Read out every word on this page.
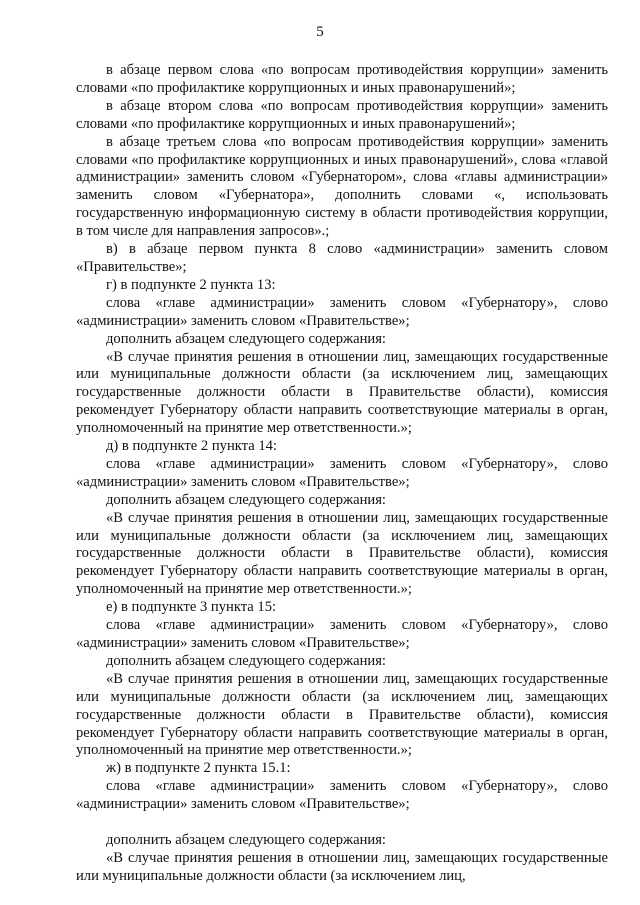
5

в абзаце первом слова «по вопросам противодействия коррупции» заменить словами «по профилактике коррупционных и иных правонарушений»;

в абзаце втором слова «по вопросам противодействия коррупции» заменить словами «по профилактике коррупционных и иных правонарушений»;

в абзаце третьем слова «по вопросам противодействия коррупции» заменить словами «по профилактике коррупционных и иных правонарушений», слова «главой администрации» заменить словом «Губернатором», слова «главы администрации» заменить словом «Губернатора», дополнить словами «, использовать государственную информационную систему в области противодействия коррупции, в том числе для направления запросов».;

в) в абзаце первом пункта 8 слово «администрации» заменить словом «Правительстве»;

г) в подпункте 2 пункта 13:

слова «главе администрации» заменить словом «Губернатору», слово «администрации» заменить словом «Правительстве»;

дополнить абзацем следующего содержания:

«В случае принятия решения в отношении лиц, замещающих государственные или муниципальные должности области (за исключением лиц, замещающих государственные должности области в Правительстве области), комиссия рекомендует Губернатору области направить соответствующие материалы в орган, уполномоченный на принятие мер ответственности.»;

д) в подпункте 2 пункта 14:

слова «главе администрации» заменить словом «Губернатору», слово «администрации» заменить словом «Правительстве»;

дополнить абзацем следующего содержания:

«В случае принятия решения в отношении лиц, замещающих государственные или муниципальные должности области (за исключением лиц, замещающих государственные должности области в Правительстве области), комиссия рекомендует Губернатору области направить соответствующие материалы в орган, уполномоченный на принятие мер ответственности.»;

е) в подпункте 3 пункта 15:

слова «главе администрации» заменить словом «Губернатору», слово «администрации» заменить словом «Правительстве»;

дополнить абзацем следующего содержания:

«В случае принятия решения в отношении лиц, замещающих государственные или муниципальные должности области (за исключением лиц, замещающих государственные должности области в Правительстве области), комиссия рекомендует Губернатору области направить соответствующие материалы в орган, уполномоченный на принятие мер ответственности.»;

ж) в подпункте 2 пункта 15.1:

слова «главе администрации» заменить словом «Губернатору», слово «администрации» заменить словом «Правительстве»;

дополнить абзацем следующего содержания:

«В случае принятия решения в отношении лиц, замещающих государственные или муниципальные должности области (за исключением лиц,
